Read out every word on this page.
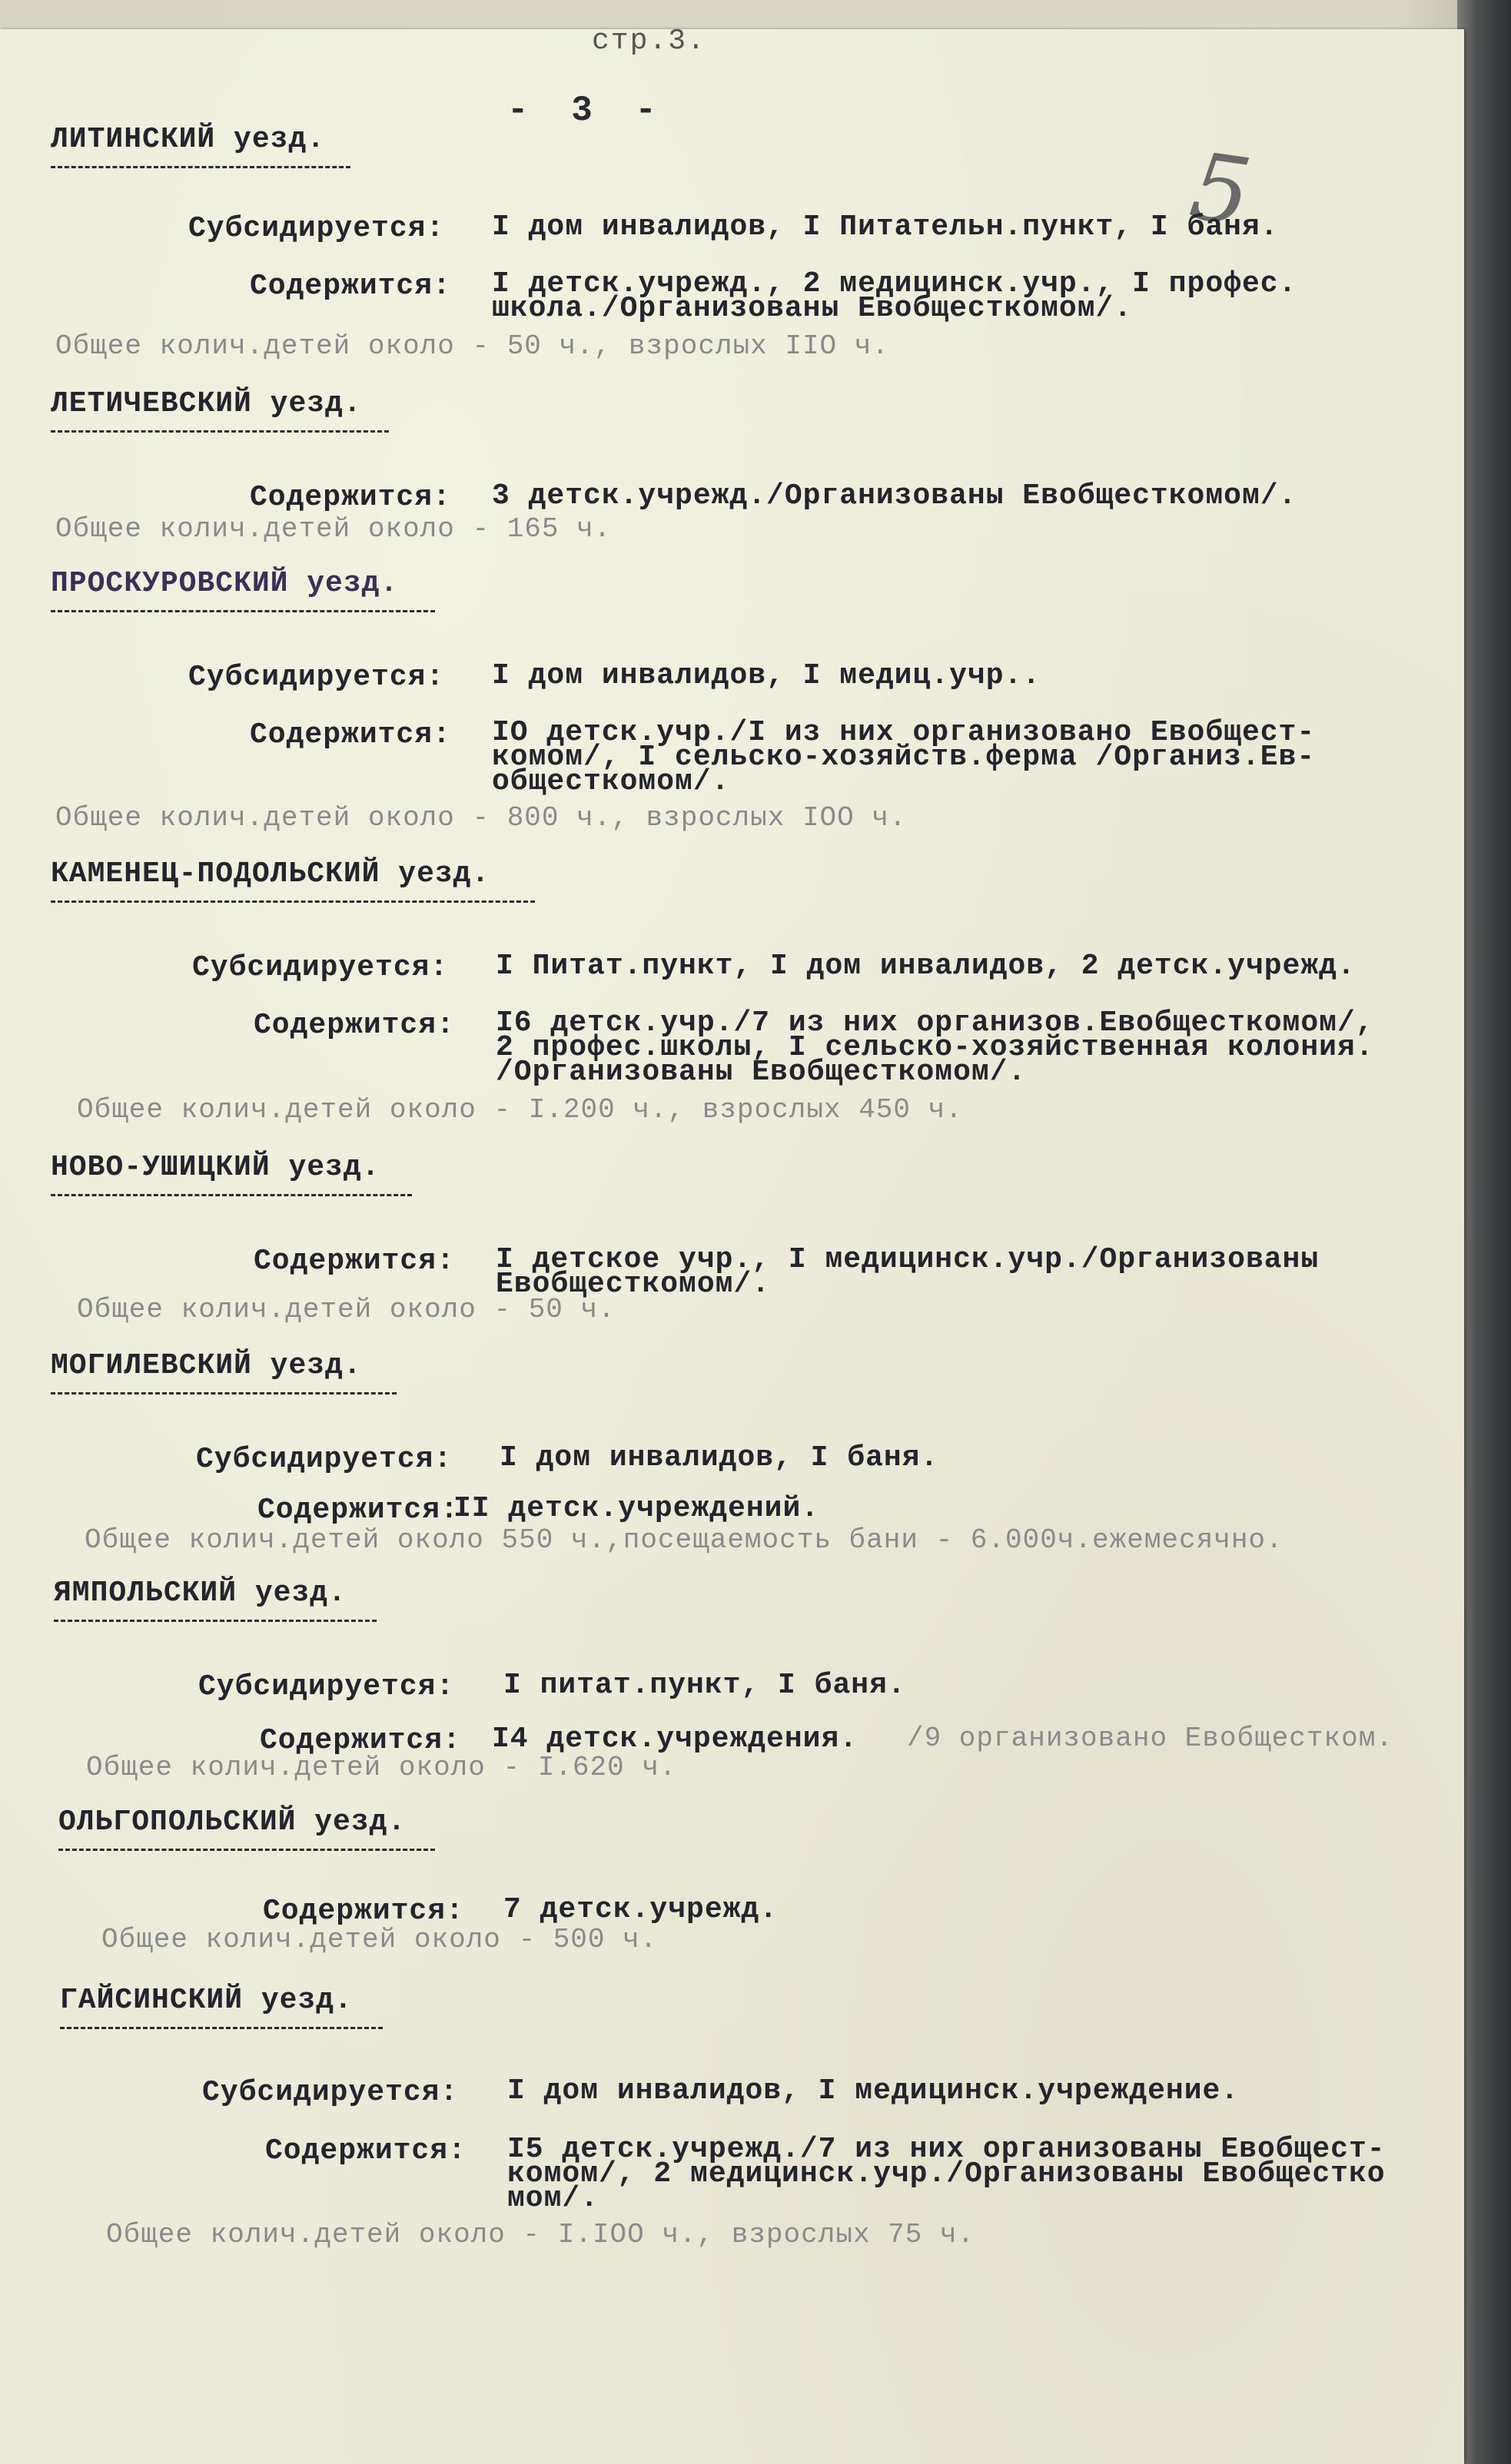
стр.3.
- 3 -
5
ЛИТИНСКИЙ уезд.
Субсидируется: I дом инвалидов, I Питательн.пункт, I баня.
Содержится: I детск.учрежд., 2 медицинск.учр., I профес.
школа./Организованы Евобщесткомом/.
Общее колич.детей около - 50 ч., взрослых IIO ч.
ЛЕТИЧЕВСКИЙ уезд.
Содержится: 3 детск.учрежд./Организованы Евобщесткомом/.
Общее колич.детей около - 165 ч.
ПРОСКУРОВСКИЙ уезд.
Субсидируется: I дом инвалидов, I медиц.учр..
Содержится: IO детск.учр./I из них организовано Евобщест-
комом/, I сельско-хозяйств.ферма /Организ.Ев-
общесткомом/.
Общее колич.детей около - 800 ч., взрослых IOO ч.
КАМЕНЕЦ-ПОДОЛЬСКИЙ уезд.
Субсидируется: I Питат.пункт, I дом инвалидов, 2 детск.учрежд.
Содержится: I6 детск.учр./7 из них организов.Евобщесткомом/,
2 профес.школы, I сельско-хозяйственная колония.
/Организованы Евобщесткомом/.
Общее колич.детей около - I.200 ч., взрослых 450 ч.
НОВО-УШИЦКИЙ уезд.
Содержится: I детское учр., I медицинск.учр./Организованы
Евобщесткомом/.
Общее колич.детей около - 50 ч.
МОГИЛЕВСКИЙ уезд.
Субсидируется: I дом инвалидов, I баня.
Содержится:
II детск.учреждений.
Общее колич.детей около 550 ч.,посещаемость бани - 6.000ч.ежемесячно.
ЯМПОЛЬСКИЙ уезд.
Субсидируется: I питат.пункт, I баня.
Содержится: I4 детск.учреждения. /9 организовано Евобщестком.
Общее колич.детей около - I.620 ч.
ОЛЬГОПОЛЬСКИЙ уезд.
Содержится: 7 детск.учрежд.
Общее колич.детей около - 500 ч.
ГАЙСИНСКИЙ уезд.
Субсидируется: I дом инвалидов, I медицинск.учреждение.
Содержится: I5 детск.учрежд./7 из них организованы Евобщест-
комом/, 2 медицинск.учр./Организованы Евобщестко
мом/.
Общее колич.детей около - I.IOO ч., взрослых 75 ч.
